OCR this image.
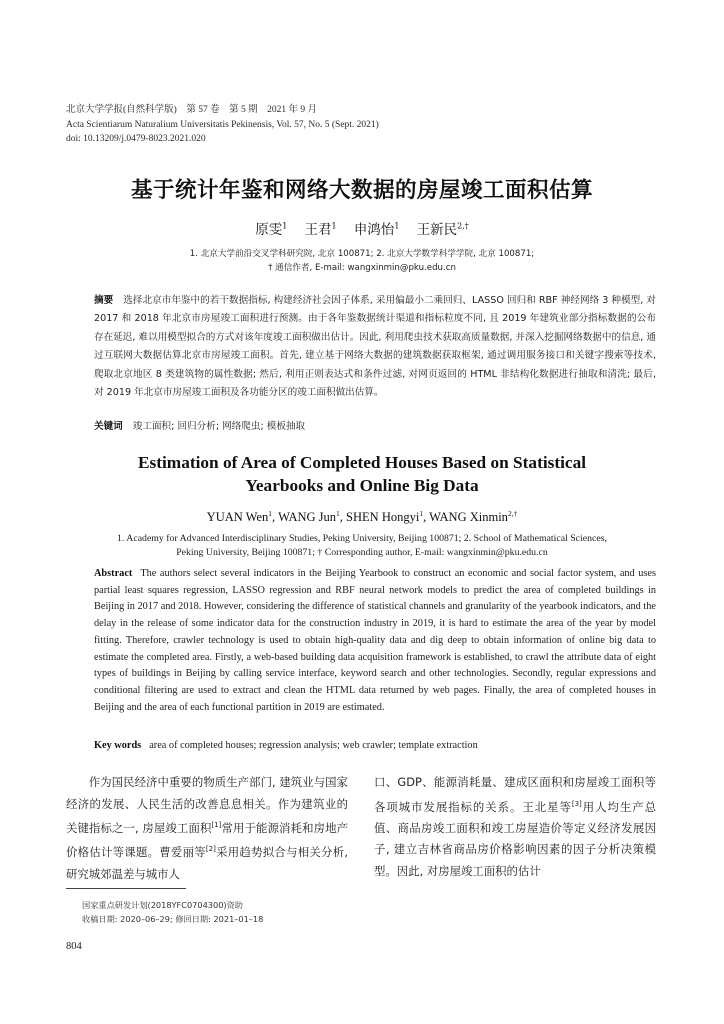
北京大学学报(自然科学版)　第 57 卷　第 5 期　2021 年 9 月
Acta Scientiarum Naturalium Universitatis Pekinensis, Vol. 57, No. 5 (Sept. 2021)
doi: 10.13209/j.0479-8023.2021.020
基于统计年鉴和网络大数据的房屋竣工面积估算
原雯$^1$ 王君$^1$ 申鸿怡$^1$ 王新民$^{2,\dagger}$
1. 北京大学前沿交叉学科研究院, 北京 100871; 2. 北京大学数学科学学院, 北京 100871;
† 通信作者, E-mail: wangxinmin@pku.edu.cn
摘要 选择北京市年鉴中的若干数据指标, 构建经济社会因子体系, 采用偏最小二乘回归、LASSO 回归和 RBF 神经网络 3 种模型, 对 2017 和 2018 年北京市房屋竣工面积进行预测。由于各年鉴数据统计渠道和指标粒度不同, 且 2019 年建筑业部分指标数据的公布存在延迟, 难以用模型拟合的方式对该年度竣工面积做出估计。因此, 利用爬虫技术获取高质量数据, 并深入挖掘网络数据中的信息, 通过互联网大数据估算北京市房屋竣工面积。首先, 建立基于网络大数据的建筑数据获取框架, 通过调用服务接口和关键字搜索等技术, 爬取北京地区 8 类建筑物的属性数据; 然后, 利用正则表达式和条件过滤, 对网页返回的 HTML 非结构化数据进行抽取和清洗; 最后, 对 2019 年北京市房屋竣工面积及各功能分区的竣工面积做出估算。
关键词 竣工面积; 回归分析; 网络爬虫; 模板抽取
Estimation of Area of Completed Houses Based on Statistical
Yearbooks and Online Big Data
YUAN Wen$^1$, WANG Jun$^1$, SHEN Hongyi$^1$, WANG Xinmin$^{2,\dagger}$
1. Academy for Advanced Interdisciplinary Studies, Peking University, Beijing 100871; 2. School of Mathematical Sciences,
Peking University, Beijing 100871; † Corresponding author, E-mail: wangxinmin@pku.edu.cn
Abstract The authors select several indicators in the Beijing Yearbook to construct an economic and social factor system, and uses partial least squares regression, LASSO regression and RBF neural network models to predict the area of completed buildings in Beijing in 2017 and 2018. However, considering the difference of statistical channels and granularity of the yearbook indicators, and the delay in the release of some indicator data for the construction industry in 2019, it is hard to estimate the area of the year by model fitting. Therefore, crawler technology is used to obtain high-quality data and dig deep to obtain information of online big data to estimate the completed area. Firstly, a web-based building data acquisition framework is established, to crawl the attribute data of eight types of buildings in Beijing by calling service interface, keyword search and other technologies. Secondly, regular expressions and conditional filtering are used to extract and clean the HTML data returned by web pages. Finally, the area of completed houses in Beijing and the area of each functional partition in 2019 are estimated.
Key words area of completed houses; regression analysis; web crawler; template extraction
作为国民经济中重要的物质生产部门, 建筑业与国家经济的发展、人民生活的改善息息相关。作为建筑业的关键指标之一, 房屋竣工面积[1]常用于能源消耗和房地产价格估计等课题。曹爱丽等[2]采用趋势拟合与相关分析, 研究城郊温差与城市人
口、GDP、能源消耗量、建成区面积和房屋竣工面积等各项城市发展指标的关系。王北星等[3]用人均生产总值、商品房竣工面积和竣工房屋造价等定义经济发展因子, 建立吉林省商品房价格影响因素的因子分析决策模型。因此, 对房屋竣工面积的估计
国家重点研发计划(2018YFC0704300)资助
收稿日期: 2020–06–29; 修回日期: 2021–01–18
804
